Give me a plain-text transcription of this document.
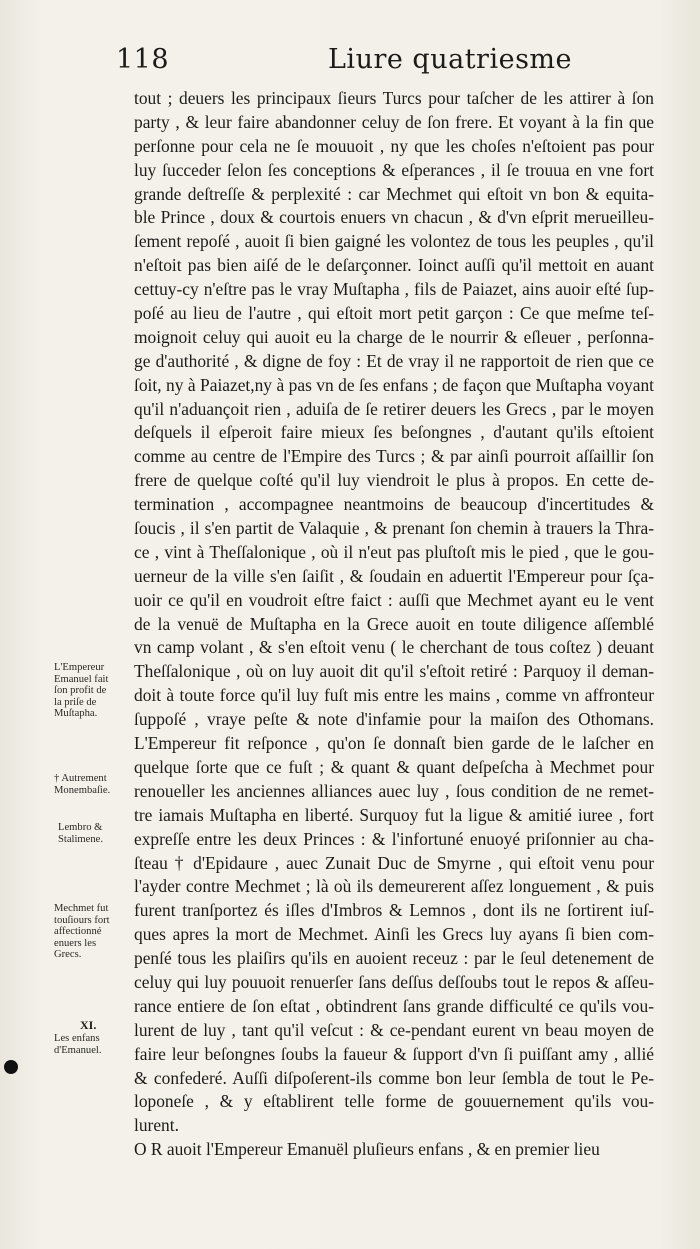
118	Liure quatriesme
tout ; deuers les principaux ſieurs Turcs pour taſcher de les attirer à ſon
party , & leur faire abandonner celuy de ſon frere. Et voyant à la fin que
perſonne pour cela ne ſe mouuoit , ny que les choſes n'eſtoient pas pour
luy ſucceder ſelon ſes conceptions & eſperances , il ſe trouua en vne fort
grande deſtreſſe & perplexité : car Mechmet qui eſtoit vn bon & equita-
ble Prince , doux & courtois enuers vn chacun , & d'vn eſprit merueilleu-
ſement repoſé , auoit ſi bien gaigné les volontez de tous les peuples , qu'il
n'eſtoit pas bien aiſé de le deſarçonner. Ioinct auſſi qu'il mettoit en auant
cettuy-cy n'eſtre pas le vray Muſtapha , fils de Paiazet, ains auoir eſté ſup-
poſé au lieu de l'autre , qui eſtoit mort petit garçon : Ce que meſme teſ-
moignoit celuy qui auoit eu la charge de le nourrir & eſleuer , perſonna-
ge d'authorité , & digne de foy : Et de vray il ne rapportoit de rien que ce
ſoit, ny à Paiazet,ny à pas vn de ſes enfans ; de façon que Muſtapha voyant
qu'il n'aduançoit rien , aduiſa de ſe retirer deuers les Grecs , par le moyen
deſquels il eſperoit faire mieux ſes beſongnes , d'autant qu'ils eſtoient
comme au centre de l'Empire des Turcs ; & par ainſi pourroit aſſaillir ſon
frere de quelque coſté qu'il luy viendroit le plus à propos. En cette de-
termination , accompagnee neantmoins de beaucoup d'incertitudes &
ſoucis , il s'en partit de Valaquie , & prenant ſon chemin à trauers la Thra-
ce , vint à Theſſalonique , où il n'eut pas pluſtoſt mis le pied , que le gou-
uerneur de la ville s'en ſaiſit , & ſoudain en aduertit l'Empereur pour ſça-
uoir ce qu'il en voudroit eſtre faict : auſſi que Mechmet ayant eu le vent
de la venuë de Muſtapha en la Grece auoit en toute diligence aſſemblé
vn camp volant , & s'en eſtoit venu ( le cherchant de tous coſtez ) deuant
Theſſalonique , où on luy auoit dit qu'il s'eſtoit retiré : Parquoy il deman-
doit à toute force qu'il luy fuſt mis entre les mains , comme vn affronteur
ſuppoſé , vraye peſte & note d'infamie pour la maiſon des Othomans.
L'Empereur fit reſponce , qu'on ſe donnaſt bien garde de le laſcher en
quelque ſorte que ce fuſt ; & quant & quant deſpeſcha à Mechmet pour
renoueller les anciennes alliances auec luy , ſous condition de ne remet-
tre iamais Muſtapha en liberté. Surquoy fut la ligue & amitié iuree , fort
expreſſe entre les deux Princes : & l'infortuné enuoyé priſonnier au cha-
ſteau † d'Epidaure , auec Zunait Duc de Smyrne , qui eſtoit venu pour
l'ayder contre Mechmet ; là où ils demeurerent aſſez longuement , & puis
furent tranſportez és iſles d'Imbros & Lemnos , dont ils ne ſortirent iuſ-
ques apres la mort de Mechmet. Ainſi les Grecs luy ayans ſi bien com-
penſé tous les plaiſirs qu'ils en auoient receuz : par le ſeul detenement de
celuy qui luy pouuoit renuerſer ſans deſſus deſſoubs tout le repos & aſſeu-
rance entiere de ſon eſtat , obtindrent ſans grande difficulté ce qu'ils vou-
lurent de luy , tant qu'il veſcut : & ce-pendant eurent vn beau moyen de
faire leur beſongnes ſoubs la faueur & ſupport d'vn ſi puiſſant amy , allié
& confederé. Auſſi diſpoſerent-ils comme bon leur ſembla de tout le Pe-
loponeſe , & y eſtablirent telle forme de gouuernement qu'ils vou-
lurent.
O R auoit l'Empereur Emanuël pluſieurs enfans , & en premier lieu
L'Empereur
Emanuel fait
ſon profit de
la priſe de
Muſtapha.
† Autrement
Monembaſie.
Lembro &
Stalimene.
Mechmet fut
touſiours fort
affectionné
enuers les
Grecs.
XI.
Les enfans
d'Emanuel.
